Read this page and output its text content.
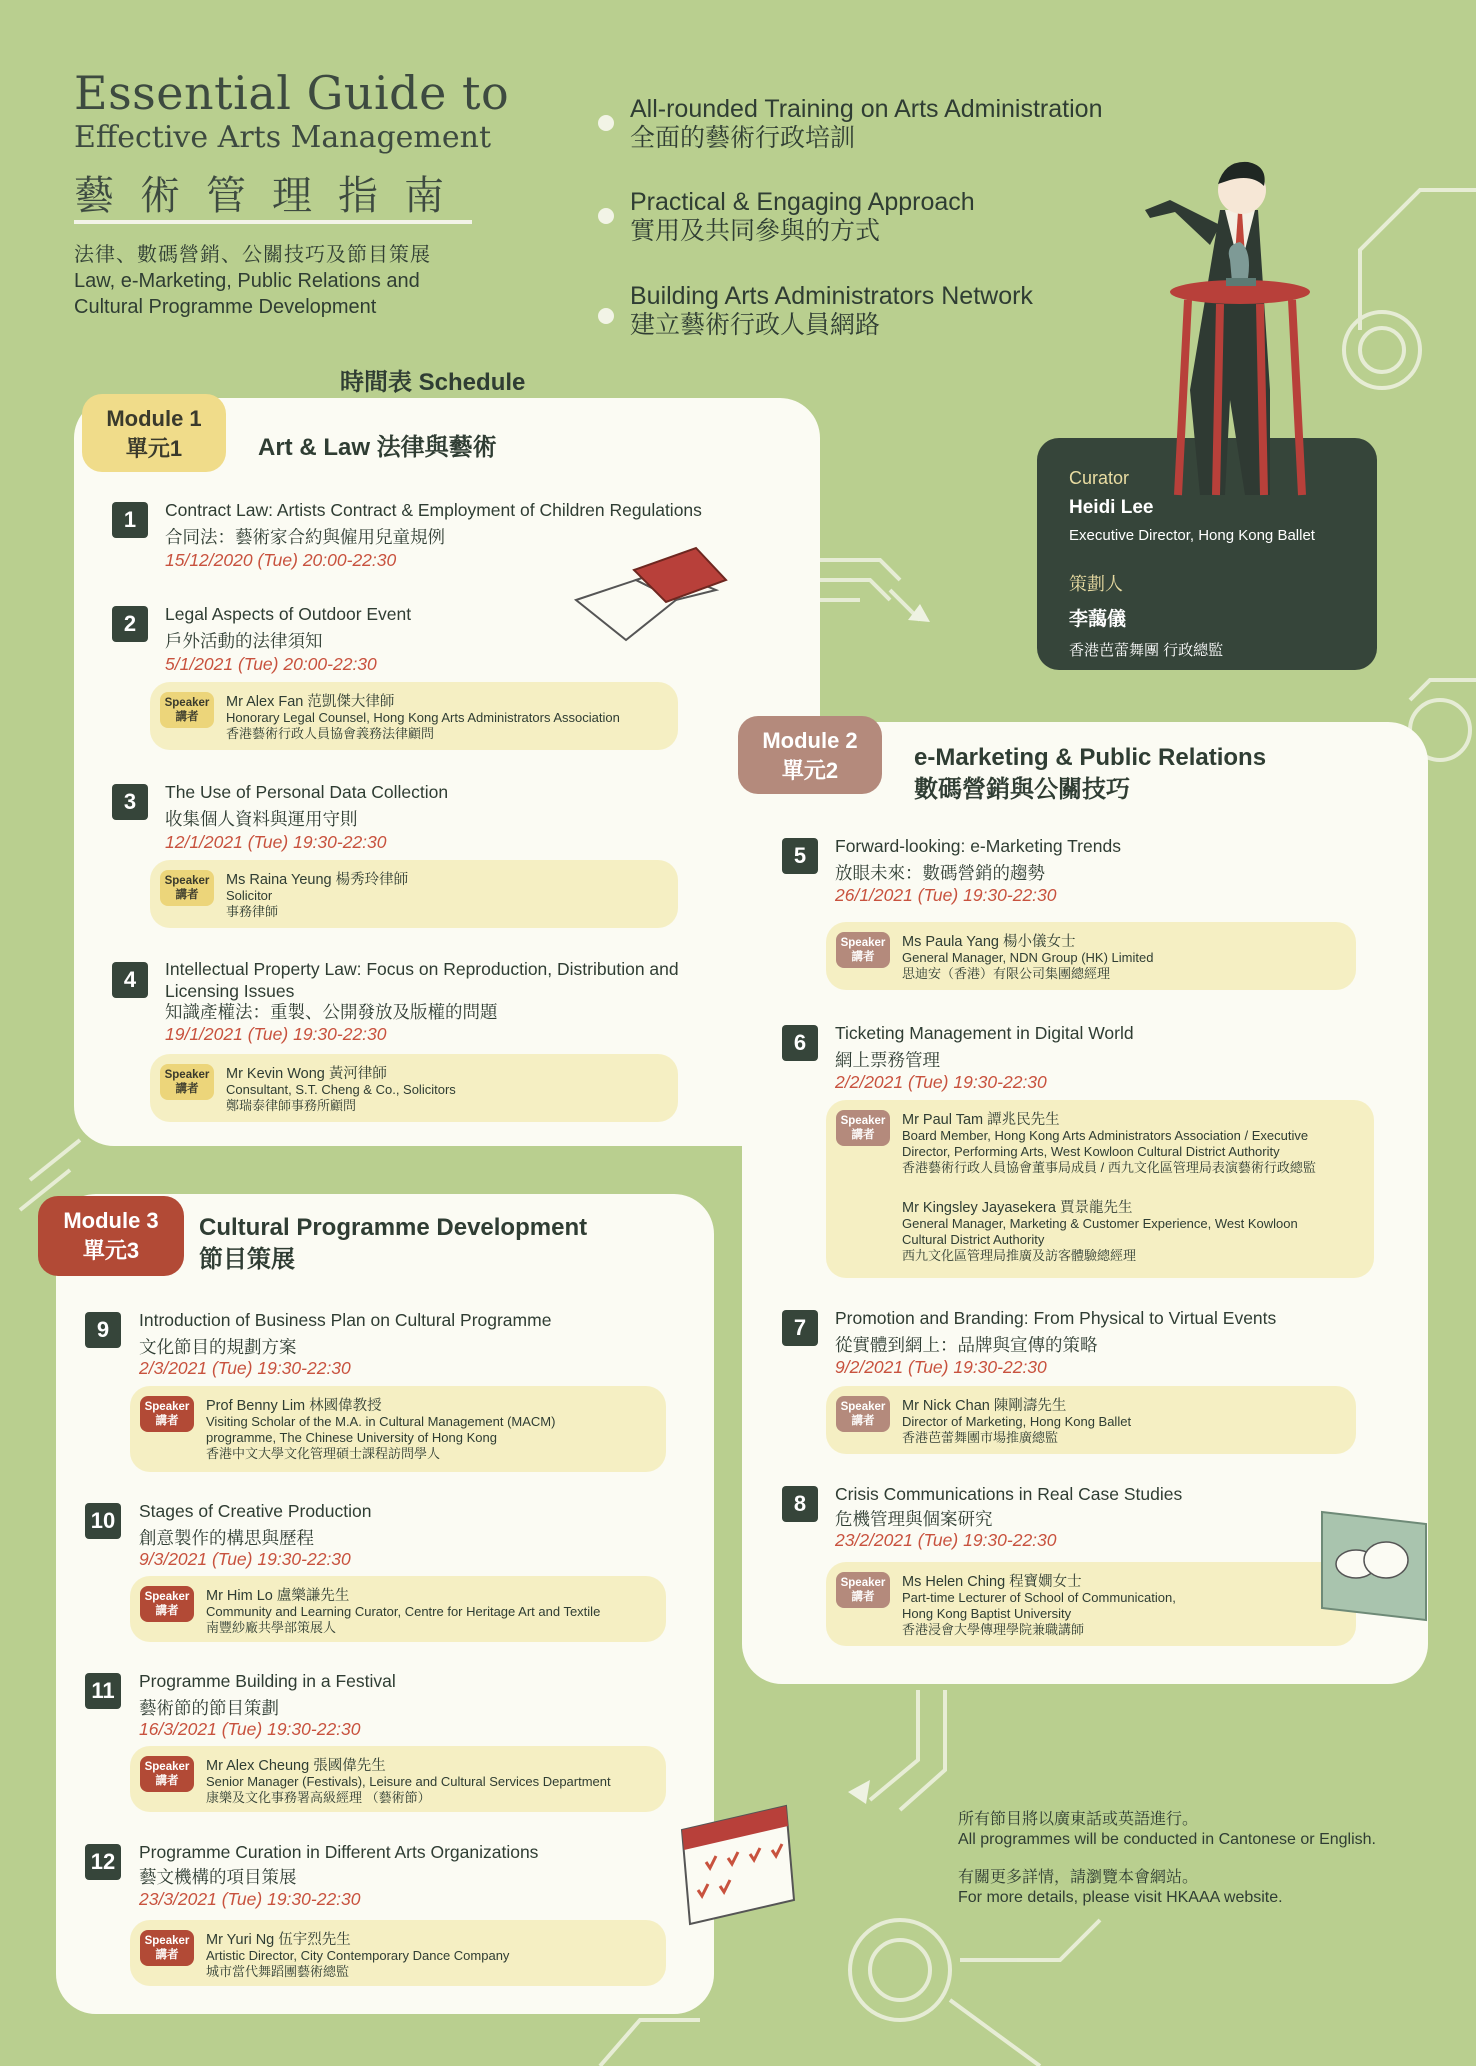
Essential Guide to
Effective Arts Management
藝術管理指南
法律、數碼營銷、公關技巧及節目策展
Law, e-Marketing, Public Relations and Cultural Programme Development
All-rounded Training on Arts Administration
全面的藝術行政培訓
Practical & Engaging Approach
實用及共同參與的方式
Building Arts Administrators Network
建立藝術行政人員網路
Curator
Heidi Lee
Executive Director, Hong Kong Ballet
策劃人
李藹儀
香港芭蕾舞團 行政總監
時間表 Schedule
Module 1
單元1	Art & Law 法律與藝術
1	Contract Law: Artists Contract & Employment of Children Regulations
合同法：藝術家合約與僱用兒童規例
15/12/2020 (Tue) 20:00-22:30
2	Legal Aspects of Outdoor Event
戶外活動的法律須知
5/1/2021 (Tue) 20:00-22:30
Speaker
講者
Mr Alex Fan 范凱傑大律師
Honorary Legal Counsel, Hong Kong Arts Administrators Association
香港藝術行政人員協會義務法律顧問
3	The Use of Personal Data Collection
收集個人資料與運用守則
12/1/2021 (Tue) 19:30-22:30
Speaker
講者
Ms Raina Yeung 楊秀玲律師
Solicitor
事務律師
4	Intellectual Property Law: Focus on Reproduction, Distribution and Licensing Issues
知識產權法：重製、公開發放及版權的問題
19/1/2021 (Tue) 19:30-22:30
Speaker
講者
Mr Kevin Wong 黃河律師
Consultant, S.T. Cheng & Co., Solicitors
鄭瑞泰律師事務所顧問
Module 2
單元2	e-Marketing & Public Relations
數碼營銷與公關技巧
5	Forward-looking: e-Marketing Trends
放眼未來：數碼營銷的趨勢
26/1/2021 (Tue) 19:30-22:30
Speaker
講者
Ms Paula Yang 楊小儀女士
General Manager, NDN Group (HK) Limited
思迪安（香港）有限公司集團總經理
6	Ticketing Management in Digital World
網上票務管理
2/2/2021 (Tue) 19:30-22:30
Speaker
講者
Mr Paul Tam 譚兆民先生
Board Member, Hong Kong Arts Administrators Association / Executive
Director, Performing Arts, West Kowloon Cultural District Authority
香港藝術行政人員協會董事局成員 / 西九文化區管理局表演藝術行政總監
Mr Kingsley Jayasekera 賈景龍先生
General Manager, Marketing & Customer Experience, West Kowloon
Cultural District Authority
西九文化區管理局推廣及訪客體驗總經理
7	Promotion and Branding: From Physical to Virtual Events
從實體到網上：品牌與宣傳的策略
9/2/2021 (Tue) 19:30-22:30
Speaker
講者
Mr Nick Chan 陳剛濤先生
Director of Marketing, Hong Kong Ballet
香港芭蕾舞團市場推廣總監
8	Crisis Communications in Real Case Studies
危機管理與個案研究
23/2/2021 (Tue) 19:30-22:30
Speaker
講者
Ms Helen Ching 程寶嫺女士
Part-time Lecturer of School of Communication,
Hong Kong Baptist University
香港浸會大學傳理學院兼職講師
Module 3
單元3
Cultural Programme Development
節目策展
9	Introduction of Business Plan on Cultural Programme
文化節目的規劃方案
2/3/2021 (Tue) 19:30-22:30
Speaker
講者
Prof Benny Lim 林國偉教授
Visiting Scholar of the M.A. in Cultural Management (MACM)
programme, The Chinese University of Hong Kong
香港中文大學文化管理碩士課程訪問學人
10	Stages of Creative Production
創意製作的構思與歷程
9/3/2021 (Tue) 19:30-22:30
Speaker
講者
Mr Him Lo 盧樂謙先生
Community and Learning Curator, Centre for Heritage Art and Textile
南豐紗廠共學部策展人
11	Programme Building in a Festival
藝術節的節目策劃
16/3/2021 (Tue) 19:30-22:30
Speaker
講者
Mr Alex Cheung 張國偉先生
Senior Manager (Festivals), Leisure and Cultural Services Department
康樂及文化事務署高級經理 （藝術節）
12	Programme Curation in Different Arts Organizations
藝文機構的項目策展
23/3/2021 (Tue) 19:30-22:30
Speaker
講者
Mr Yuri Ng 伍宇烈先生
Artistic Director, City Contemporary Dance Company
城市當代舞蹈團藝術總監
所有節目將以廣東話或英語進行。
All programmes will be conducted in Cantonese or English.
有關更多詳情，請瀏覽本會網站。
For more details, please visit HKAAA website.
